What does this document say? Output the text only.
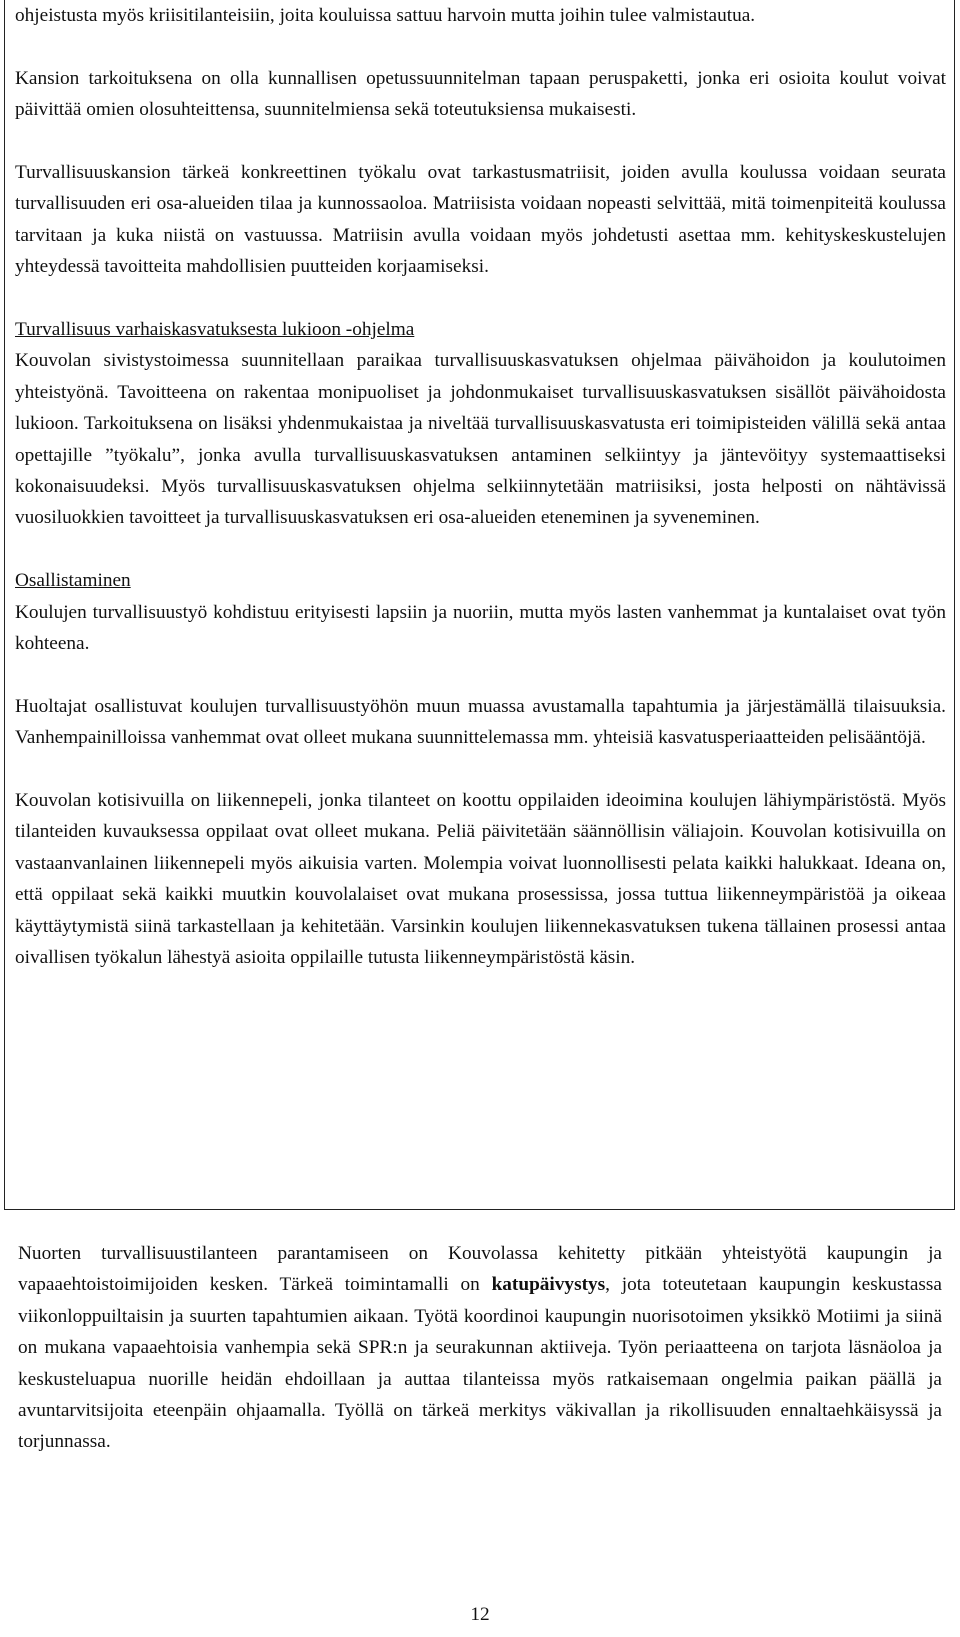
ohjeistusta myös kriisitilanteisiin, joita kouluissa sattuu harvoin mutta joihin tulee valmistautua.

Kansion tarkoituksena on olla kunnallisen opetussuunnitelman tapaan peruspaketti, jonka eri osioita koulut voivat päivittää omien olosuhteittensa, suunnitelmiensa sekä toteutuksiensa mukaisesti.

Turvallisuuskansion tärkeä konkreettinen työkalu ovat tarkastusmatriisit, joiden avulla koulussa voidaan seurata turvallisuuden eri osa-alueiden tilaa ja kunnossaoloa. Matriisista voidaan nopeasti selvittää, mitä toimenpiteitä koulussa tarvitaan ja kuka niistä on vastuussa. Matriisin avulla voidaan myös johdetusti asettaa mm. kehityskeskustelujen yhteydessä tavoitteita mahdollisien puutteiden korjaamiseksi.

Turvallisuus varhaiskasvatuksesta lukioon -ohjelma

Kouvolan sivistystoimessa suunnitellaan paraikaa turvallisuuskasvatuksen ohjelmaa päivähoidon ja koulutoimen yhteistyönä. Tavoitteena on rakentaa monipuoliset ja johdonmukaiset turvallisuuskasvatuksen sisällöt päivähoidosta lukioon. Tarkoituksena on lisäksi yhdenmukaistaa ja niveltää turvallisuuskasvatusta eri toimipisteiden välillä sekä antaa opettajille ”työkalu”, jonka avulla turvallisuuskasvatuksen antaminen selkiintyy ja jäntevöityy systemaattiseksi kokonaisuudeksi. Myös turvallisuuskasvatuksen ohjelma selkiinnytetään matriisiksi, josta helposti on nähtävissä vuosiluokkien tavoitteet ja turvallisuuskasvatuksen eri osa-alueiden eteneminen ja syveneminen.

Osallistaminen

Koulujen turvallisuustyö kohdistuu erityisesti lapsiin ja nuoriin, mutta myös lasten vanhemmat ja kuntalaiset ovat työn kohteena.

Huoltajat osallistuvat koulujen turvallisuustyöhön muun muassa avustamalla tapahtumia ja järjestämällä tilaisuuksia. Vanhempainilloissa vanhemmat ovat olleet mukana suunnittelemassa mm. yhteisiä kasvatusperiaatteiden pelisääntöjä.

Kouvolan kotisivuilla on liikennepeli, jonka tilanteet on koottu oppilaiden ideoimina koulujen lähiympäristöstä. Myös tilanteiden kuvauksessa oppilaat ovat olleet mukana. Peliä päivitetään säännöllisin väliajoin. Kouvolan kotisivuilla on vastaanvanlainen liikennepeli myös aikuisia varten. Molempia voivat luonnollisesti pelata kaikki halukkaat. Ideana on, että oppilaat sekä kaikki muutkin kouvolalaiset ovat mukana prosessissa, jossa tuttua liikenneympäristöä ja oikeaa käyttäytymistä siinä tarkastellaan ja kehitetään. Varsinkin koulujen liikennekasvatuksen tukena tällainen prosessi antaa oivallisen työkalun lähestyä asioita oppilaille tutusta liikenneympäristöstä käsin.

Nuorten turvallisuustilanteen parantamiseen on Kouvolassa kehitetty pitkään yhteistyötä kaupungin ja vapaaehtoistoimijoiden kesken. Tärkeä toimintamalli on katupäivystys, jota toteutetaan kaupungin keskustassa viikonloppuiltaisin ja suurten tapahtumien aikaan. Työtä koordinoi kaupungin nuorisotoimen yksikkö Motiimi ja siinä on mukana vapaaehtoisia vanhempia sekä SPR:n ja seurakunnan aktiiveja. Työn periaatteena on tarjota läsnäoloa ja keskusteluapua nuorille heidän ehdoillaan ja auttaa tilanteissa myös ratkaisemaan ongelmia paikan päällä ja avuntarvitsijoita eteenpäin ohjaamalla. Työllä on tärkeä merkitys väkivallan ja rikollisuuden ennaltaehkäisyssä ja torjunnassa.

12
